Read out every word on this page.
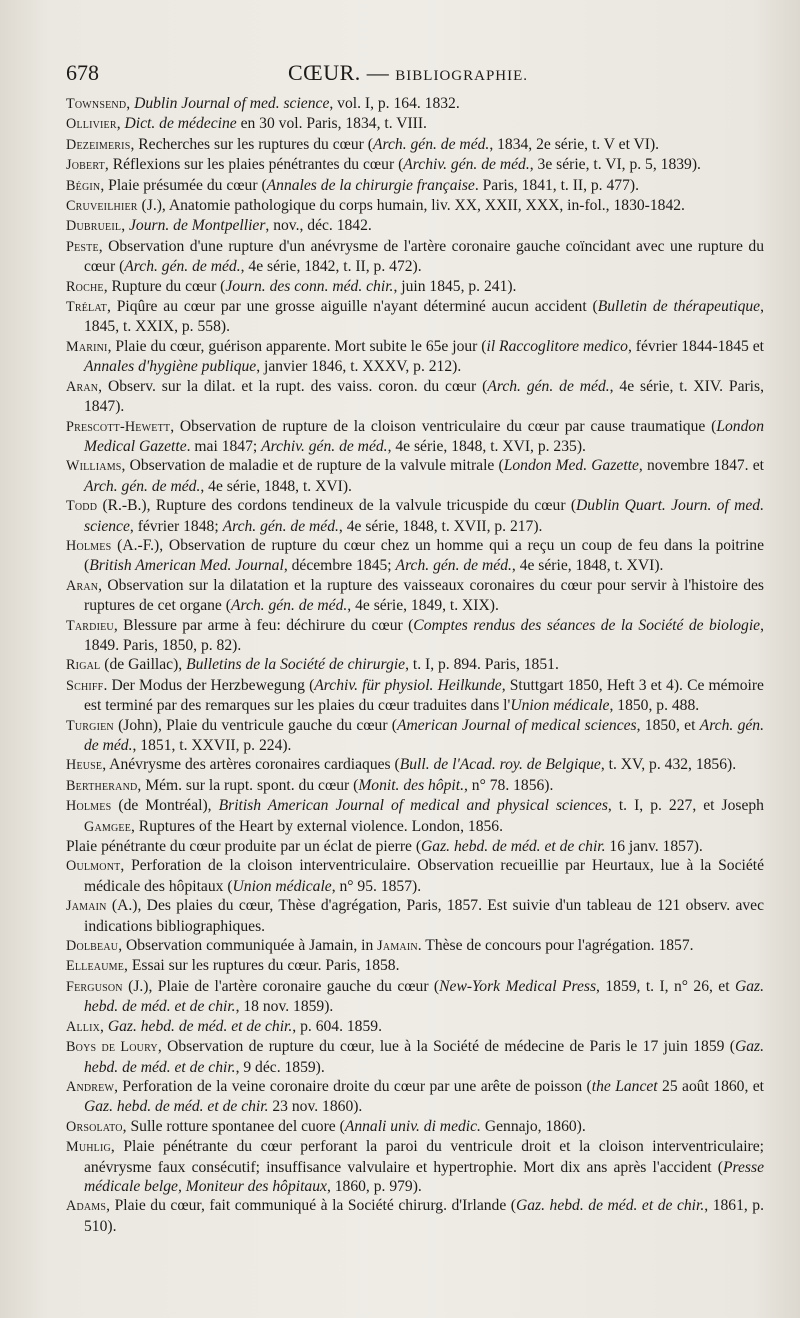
678	CŒUR. — BIBLIOGRAPHIE.

Townsend, Dublin Journal of med. science, vol. I, p. 164. 1832.

Ollivier, Dict. de médecine en 30 vol. Paris, 1834, t. VIII.

Dezeimeris, Recherches sur les ruptures du cœur (Arch. gén. de méd., 1834, 2e série, t. V et VI).

Jobert, Réflexions sur les plaies pénétrantes du cœur (Archiv. gén. de méd., 3e série, t. VI, p. 5, 1839).

Bégin, Plaie présumée du cœur (Annales de la chirurgie française. Paris, 1841, t. II, p. 477).

Cruveilhier (J.), Anatomie pathologique du corps humain, liv. XX, XXII, XXX, in-fol., 1830-1842.

Dubrueil, Journ. de Montpellier, nov., déc. 1842.

Peste, Observation d'une rupture d'un anévrysme de l'artère coronaire gauche coïncidant avec une rupture du cœur (Arch. gén. de méd., 4e série, 1842, t. II, p. 472).

Roche, Rupture du cœur (Journ. des conn. méd. chir., juin 1845, p. 241).

Trélat, Piqûre au cœur par une grosse aiguille n'ayant déterminé aucun accident (Bulletin de thérapeutique, 1845, t. XXIX, p. 558).

Marini, Plaie du cœur, guérison apparente. Mort subite le 65e jour (il Raccoglitore medico, février 1844-1845 et Annales d'hygiène publique, janvier 1846, t. XXXV, p. 212).

Aran, Observ. sur la dilat. et la rupt. des vaiss. coron. du cœur (Arch. gén. de méd., 4e série, t. XIV. Paris, 1847).

Prescott-Hewett, Observation de rupture de la cloison ventriculaire du cœur par cause traumatique (London Medical Gazette. mai 1847; Archiv. gén. de méd., 4e série, 1848, t. XVI, p. 235).

Williams, Observation de maladie et de rupture de la valvule mitrale (London Med. Gazette, novembre 1847. et Arch. gén. de méd., 4e série, 1848, t. XVI).

Todd (R.-B.), Rupture des cordons tendineux de la valvule tricuspide du cœur (Dublin Quart. Journ. of med. science, février 1848; Arch. gén. de méd., 4e série, 1848, t. XVII, p. 217).

Holmes (A.-F.), Observation de rupture du cœur chez un homme qui a reçu un coup de feu dans la poitrine (British American Med. Journal, décembre 1845; Arch. gén. de méd., 4e série, 1848, t. XVI).

Aran, Observation sur la dilatation et la rupture des vaisseaux coronaires du cœur pour servir à l'histoire des ruptures de cet organe (Arch. gén. de méd., 4e série, 1849, t. XIX).

Tardieu, Blessure par arme à feu: déchirure du cœur (Comptes rendus des séances de la Société de biologie, 1849. Paris, 1850, p. 82).

Rigal (de Gaillac), Bulletins de la Société de chirurgie, t. I, p. 894. Paris, 1851.

Schiff. Der Modus der Herzbewegung (Archiv. für physiol. Heilkunde, Stuttgart 1850, Heft 3 et 4). Ce mémoire est terminé par des remarques sur les plaies du cœur traduites dans l'Union médicale, 1850, p. 488.

Turgien (John), Plaie du ventricule gauche du cœur (American Journal of medical sciences, 1850, et Arch. gén. de méd., 1851, t. XXVII, p. 224).

Heuse, Anévrysme des artères coronaires cardiaques (Bull. de l'Acad. roy. de Belgique, t. XV, p. 432, 1856).

Bertherand, Mém. sur la rupt. spont. du cœur (Monit. des hôpit., n° 78. 1856).

Holmes (de Montréal), British American Journal of medical and physical sciences, t. I, p. 227, et Joseph Gamgee, Ruptures of the Heart by external violence. London, 1856.

Plaie pénétrante du cœur produite par un éclat de pierre (Gaz. hebd. de méd. et de chir. 16 janv. 1857).

Oulmont, Perforation de la cloison interventriculaire. Observation recueillie par Heurtaux, lue à la Société médicale des hôpitaux (Union médicale, n° 95. 1857).

Jamain (A.), Des plaies du cœur, Thèse d'agrégation, Paris, 1857. Est suivie d'un tableau de 121 observ. avec indications bibliographiques.

Dolbeau, Observation communiquée à Jamain, in Jamain. Thèse de concours pour l'agrégation. 1857.

Elleaume, Essai sur les ruptures du cœur. Paris, 1858.

Ferguson (J.), Plaie de l'artère coronaire gauche du cœur (New-York Medical Press, 1859, t. I, n° 26, et Gaz. hebd. de méd. et de chir., 18 nov. 1859).

Allix, Gaz. hebd. de méd. et de chir., p. 604. 1859.

Boys de Loury, Observation de rupture du cœur, lue à la Société de médecine de Paris le 17 juin 1859 (Gaz. hebd. de méd. et de chir., 9 déc. 1859).

Andrew, Perforation de la veine coronaire droite du cœur par une arête de poisson (the Lancet 25 août 1860, et Gaz. hebd. de méd. et de chir. 23 nov. 1860).

Orsolato, Sulle rotture spontanee del cuore (Annali univ. di medic. Gennajo, 1860).

Muhlig, Plaie pénétrante du cœur perforant la paroi du ventricule droit et la cloison interventriculaire; anévrysme faux consécutif; insuffisance valvulaire et hypertrophie. Mort dix ans après l'accident (Presse médicale belge, Moniteur des hôpitaux, 1860, p. 979).

Adams, Plaie du cœur, fait communiqué à la Société chirurg. d'Irlande (Gaz. hebd. de méd. et de chir., 1861, p. 510).
